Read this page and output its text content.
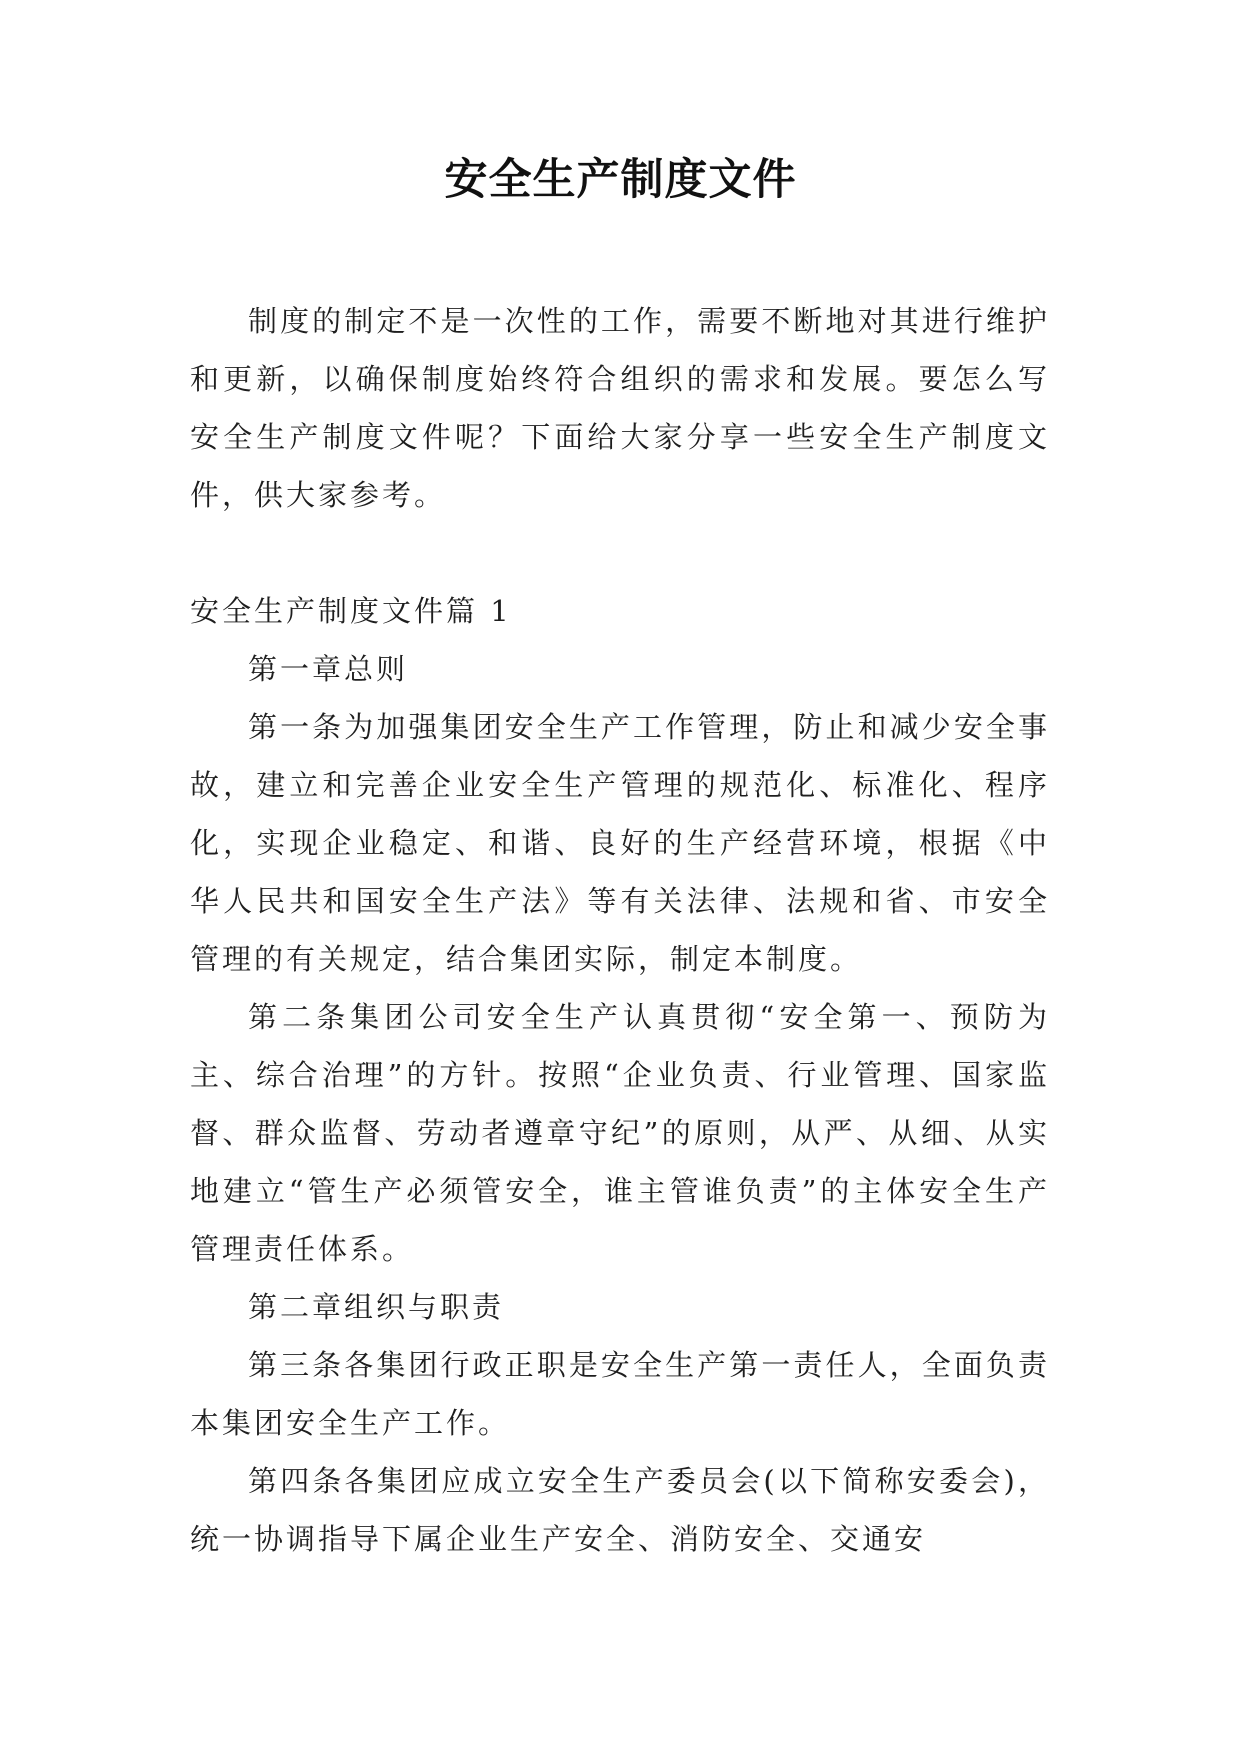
安全生产制度文件

制度的制定不是一次性的工作，需要不断地对其进行维护和更新，以确保制度始终符合组织的需求和发展。要怎么写安全生产制度文件呢？下面给大家分享一些安全生产制度文件，供大家参考。

安全生产制度文件篇 1

第一章总则

第一条为加强集团安全生产工作管理，防止和减少安全事故，建立和完善企业安全生产管理的规范化、标准化、程序化，实现企业稳定、和谐、良好的生产经营环境，根据《中华人民共和国安全生产法》等有关法律、法规和省、市安全管理的有关规定，结合集团实际，制定本制度。

第二条集团公司安全生产认真贯彻“安全第一、预防为主、综合治理”的方针。按照“企业负责、行业管理、国家监督、群众监督、劳动者遵章守纪”的原则，从严、从细、从实地建立“管生产必须管安全，谁主管谁负责”的主体安全生产管理责任体系。

第二章组织与职责

第三条各集团行政正职是安全生产第一责任人，全面负责本集团安全生产工作。

第四条各集团应成立安全生产委员会(以下简称安委会)，统一协调指导下属企业生产安全、消防安全、交通安
